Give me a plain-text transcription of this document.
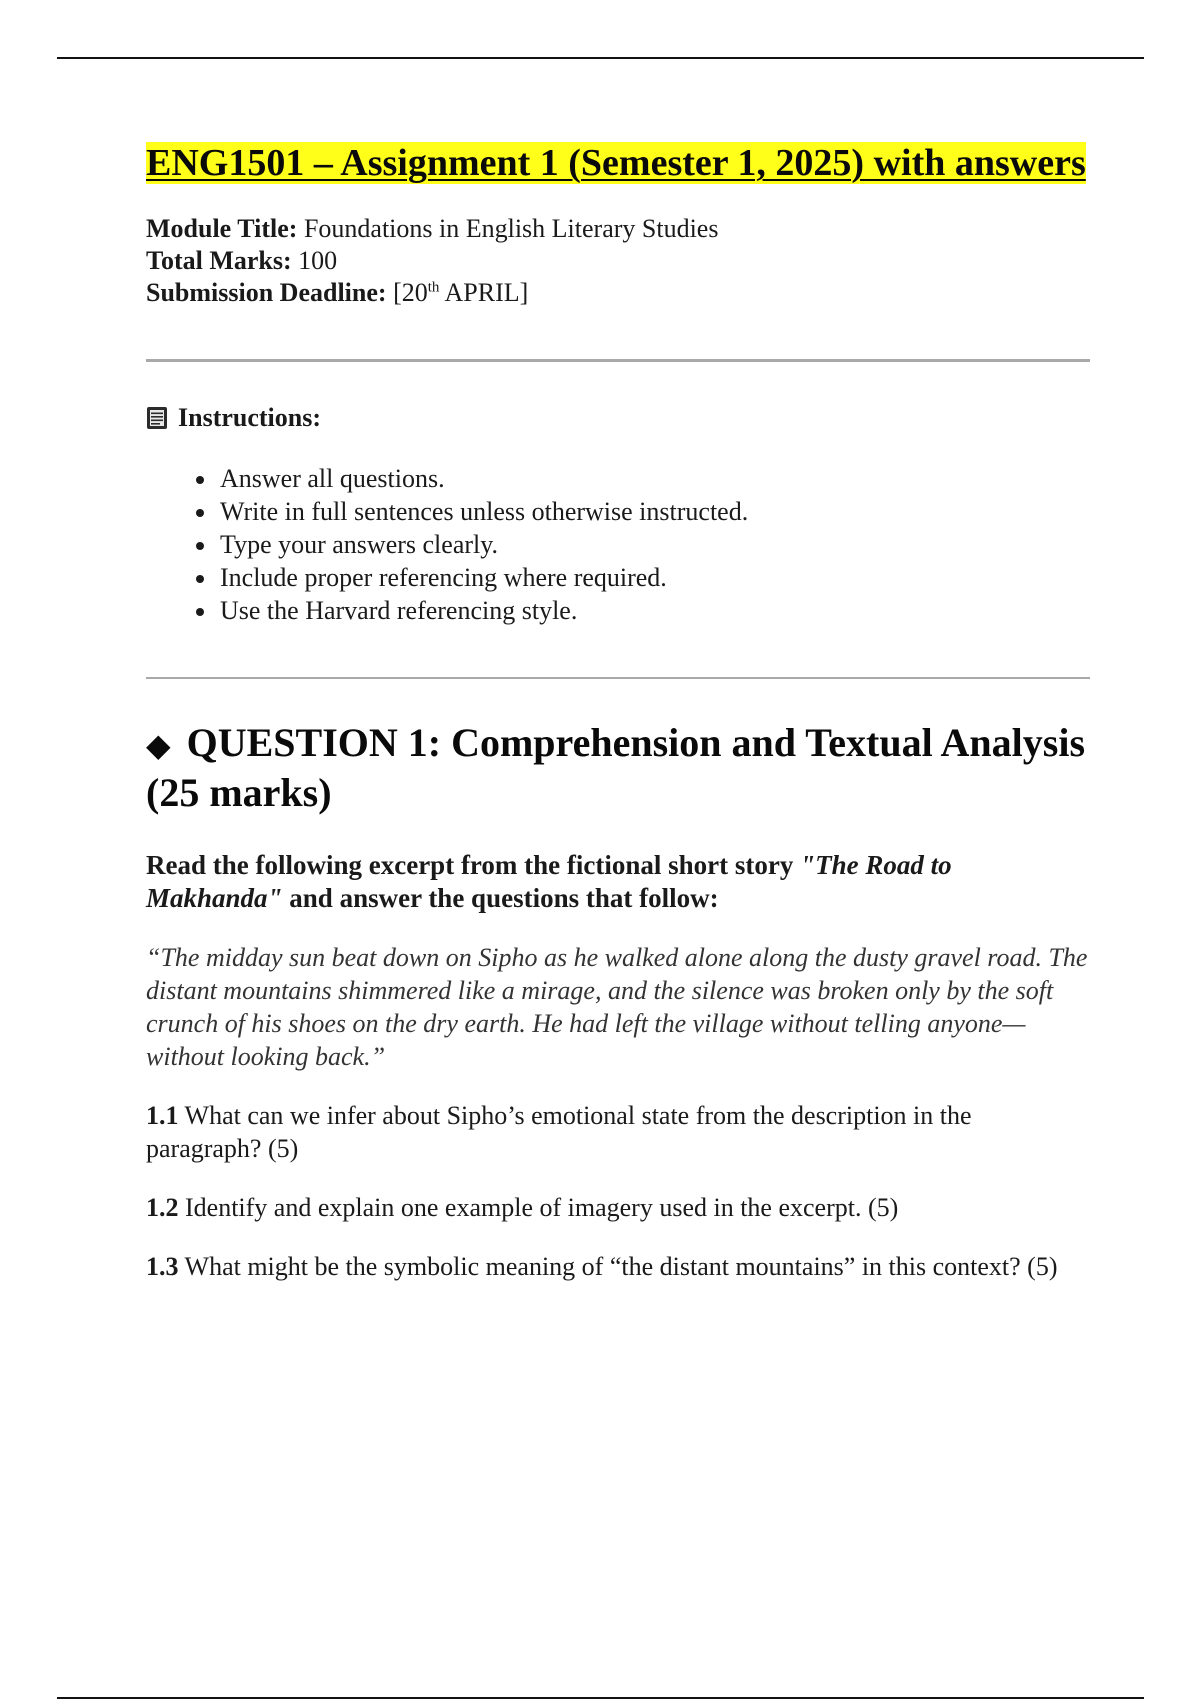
ENG1501 – Assignment 1 (Semester 1, 2025) with answers
Module Title: Foundations in English Literary Studies
Total Marks: 100
Submission Deadline: [20th APRIL]
Instructions:
• Answer all questions.
• Write in full sentences unless otherwise instructed.
• Type your answers clearly.
• Include proper referencing where required.
• Use the Harvard referencing style.
◆ QUESTION 1: Comprehension and Textual Analysis (25 marks)
Read the following excerpt from the fictional short story "The Road to Makhanda" and answer the questions that follow:
“The midday sun beat down on Sipho as he walked alone along the dusty gravel road. The distant mountains shimmered like a mirage, and the silence was broken only by the soft crunch of his shoes on the dry earth. He had left the village without telling anyone—without looking back.”
1.1 What can we infer about Sipho’s emotional state from the description in the paragraph? (5)
1.2 Identify and explain one example of imagery used in the excerpt. (5)
1.3 What might be the symbolic meaning of “the distant mountains” in this context? (5)
